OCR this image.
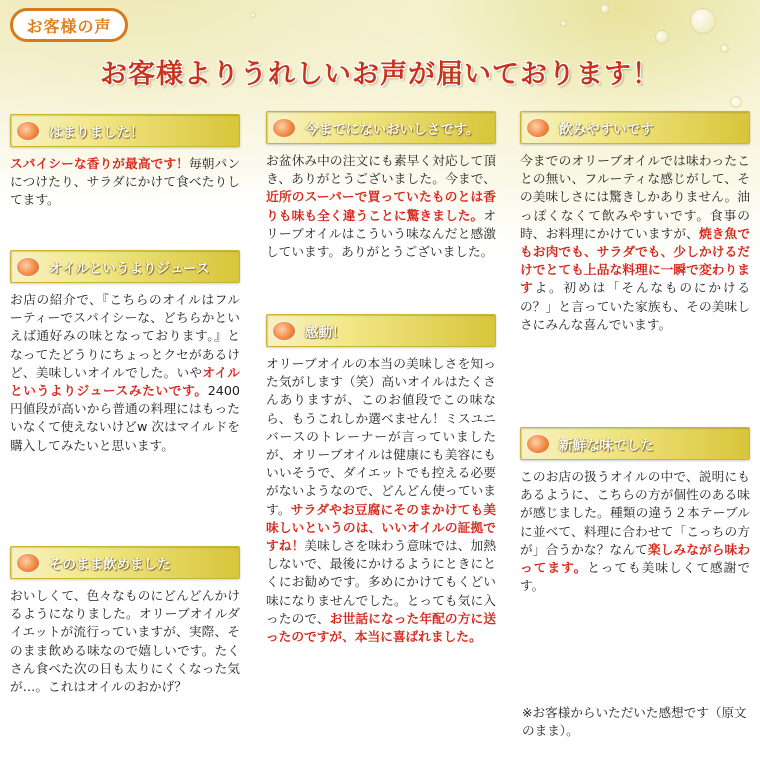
お客様の声
お客様よりうれしいお声が届いております！
はまりました！
スパイシーな香りが最高です！毎朝パンにつけたり、サラダにかけて食べたりしてます。
オイルというよりジュース
お店の紹介で、『こちらのオイルはフルーティーでスパイシーな、どちらかといえば通好みの味となっております。』となってたどうりにちょっとクセがあるけど、美味しいオイルでした。いやオイルというよりジュースみたいです。2400円値段が高いから普通の料理にはもったいなくて使えないけどw 次はマイルドを購入してみたいと思います。
そのまま飲めました
おいしくて、色々なものにどんどんかけるようになりました。オリーブオイルダイエットが流行っていますが、実際、そのまま飲める味なので嬉しいです。たくさん食べた次の日も太りにくくなった気が…。これはオイルのおかげ？
今までにないおいしさです。
お盆休み中の注文にも素早く対応して頂き、ありがとうございました。今まで、近所のスーパーで買っていたものとは香りも味も全く違うことに驚きました。オリーブオイルはこういう味なんだと感激しています。ありがとうございました。
感動！
オリーブオイルの本当の美味しさを知った気がします（笑）高いオイルはたくさんありますが、このお値段でこの味なら、もうこれしか選べません！ミスユニバースのトレーナーが言っていましたが、オリーブオイルは健康にも美容にもいいそうで、ダイエットでも控える必要がないようなので、どんどん使っています。サラダやお豆腐にそのまかけても美味しいというのは、いいオイルの証拠ですね！美味しさを味わう意味では、加熱しないで、最後にかけるようにときにとくにお勧めです。多めにかけてもくどい味になりませんでした。とっても気に入ったので、お世話になった年配の方に送ったのですが、本当に喜ばれました。
飲みやすいです
今までのオリーブオイルでは味わったことの無い、フルーティな感じがして、その美味しさには驚きしかありません。油っぽくなくて飲みやすいです。食事の時、お料理にかけていますが、焼き魚でもお肉でも、サラダでも、少しかけるだけでとても上品な料理に一瞬で変わりますよ。初めは「そんなものにかけるの？」と言っていた家族も、その美味しさにみんな喜んでいます。
新鮮な味でした
このお店の扱うオイルの中で、説明にもあるように、こちらの方が個性のある味が感じました。種類の違う２本テーブルに並べて、料理に合わせて「こっちの方が」合うかな？なんて楽しみながら味わってます。とっても美味しくて感謝です。
※お客様からいただいた感想です（原文のまま）。
